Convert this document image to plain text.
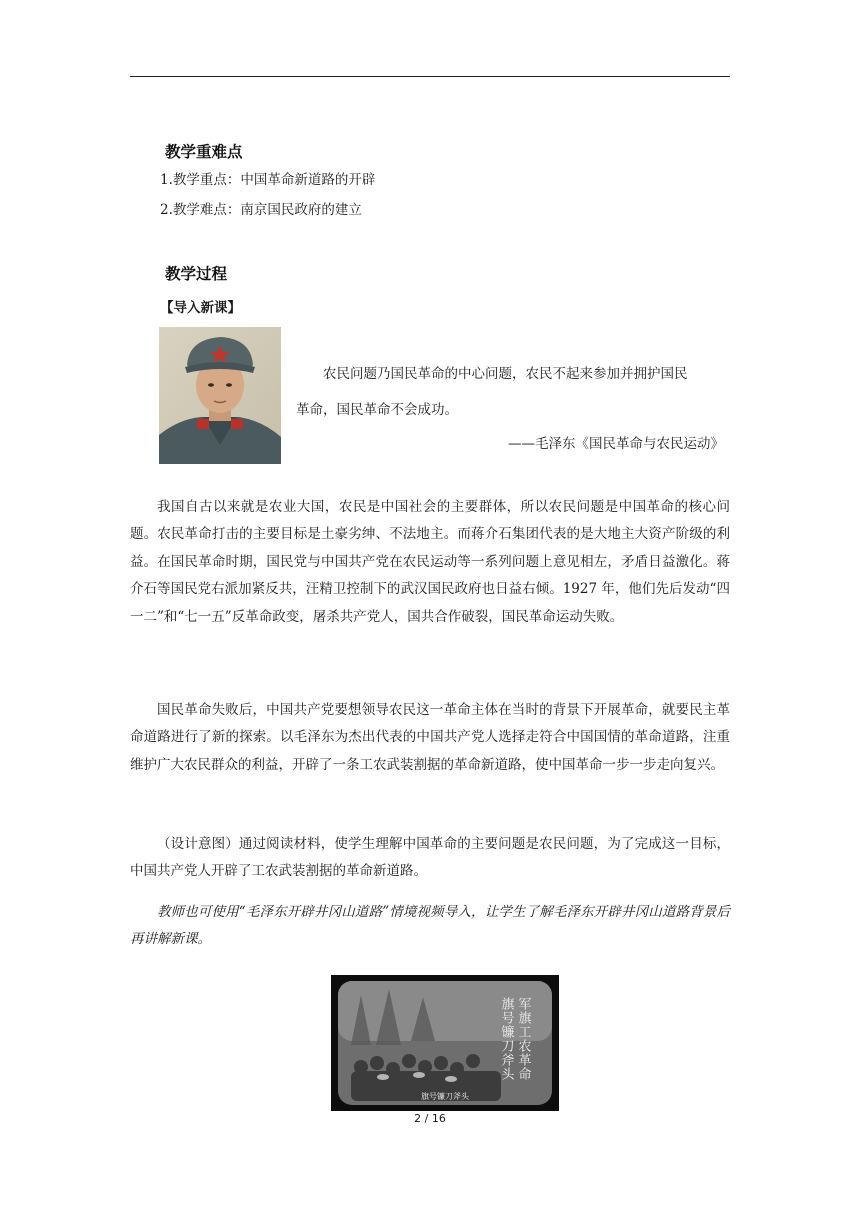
教学重难点
1.教学重点：中国革命新道路的开辟
2.教学难点：南京国民政府的建立
教学过程
【导入新课】
农民问题乃国民革命的中心问题，农民不起来参加并拥护国民
革命，国民革命不会成功。
——毛泽东《国民革命与农民运动》

我国自古以来就是农业大国，农民是中国社会的主要群体，所以农民问题是中国革命的核心问题。农民革命打击的主要目标是土豪劣绅、不法地主。而蒋介石集团代表的是大地主大资产阶级的利益。在国民革命时期，国民党与中国共产党在农民运动等一系列问题上意见相左，矛盾日益激化。蒋介石等国民党右派加紧反共，汪精卫控制下的武汉国民政府也日益右倾。1927 年，他们先后发动“四一二”和“七一五”反革命政变，屠杀共产党人，国共合作破裂，国民革命运动失败。

国民革命失败后，中国共产党要想领导农民这一革命主体在当时的背景下开展革命，就要民主革命道路进行了新的探索。以毛泽东为杰出代表的中国共产党人选择走符合中国国情的革命道路，注重维护广大农民群众的利益，开辟了一条工农武装割据的革命新道路，使中国革命一步一步走向复兴。

（设计意图）通过阅读材料，使学生理解中国革命的主要问题是农民问题，为了完成这一目标，中国共产党人开辟了工农武装割据的革命新道路。

教师也可使用“毛泽东开辟井冈山道路”情境视频导入，让学生了解毛泽东开辟井冈山道路背景后再讲解新课。

军旗工农革命
旗号镰刀斧头
旗号镰刀斧头
2 / 16
